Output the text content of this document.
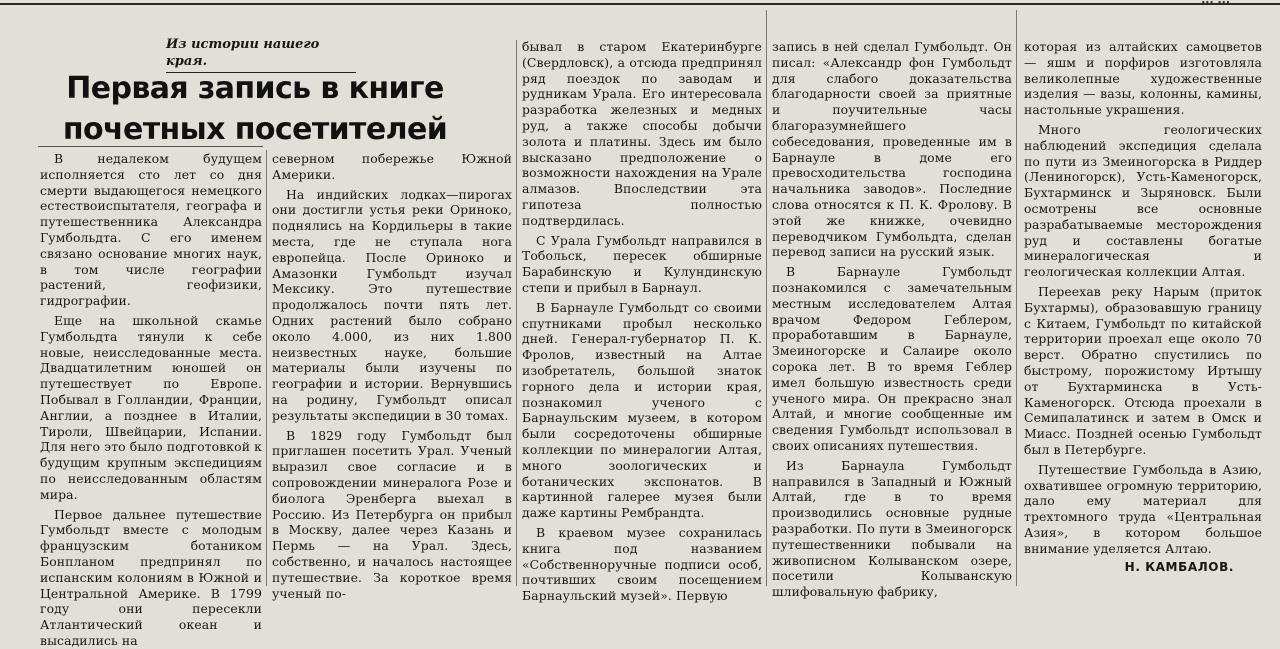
Из истории нашего края.
Первая запись в книге
почетных посетителей

В недалеком будущем исполняется сто лет со дня смерти выдающегося немецкого естествоиспытателя, географа и путешественника Александра Гумбольдта. С его именем связано основание многих наук, в том числе географии растений, геофизики, гидрографии.

Еще на школьной скамье Гумбольдта тянули к себе новые, неисследованные места. Двадцатилетним юношей он путешествует по Европе. Побывал в Голландии, Франции, Англии, а позднее в Италии, Тироли, Швейцарии, Испании. Для него это было подготовкой к будущим крупным экспедициям по неисследованным областям мира.

Первое дальнее путешествие Гумбольдт вместе с молодым французским ботаником Бонпланом предпринял по испанским колониям в Южной и Центральной Америке. В 1799 году они пересекли Атлантический океан и высадились на

северном побережье Южной Америки.

На индийских лодках—пирогах они достигли устья реки Ориноко, поднялись на Кордильеры в такие места, где не ступала нога европейца. После Ориноко и Амазонки Гумбольдт изучал Мексику. Это путешествие продолжалось почти пять лет. Одних растений было собрано около 4.000, из них 1.800 неизвестных науке, большие материалы были изучены по географии и истории. Вернувшись на родину, Гумбольдт описал результаты экспедиции в 30 томах.

В 1829 году Гумбольдт был приглашен посетить Урал. Ученый выразил свое согласие и в сопровождении минералога Розе и биолога Эренберга выехал в Россию. Из Петербурга он прибыл в Москву, далее через Казань и Пермь — на Урал. Здесь, собственно, и началось настоящее путешествие. За короткое время ученый по-

бывал в старом Екатеринбурге (Свердловск), а отсюда предпринял ряд поездок по заводам и рудникам Урала. Его интересовала разработка железных и медных руд, а также способы добычи золота и платины. Здесь им было высказано предположение о возможности нахождения на Урале алмазов. Впоследствии эта гипотеза полностью подтвердилась.

С Урала Гумбольдт направился в Тобольск, пересек обширные Барабинскую и Кулундинскую степи и прибыл в Барнаул.

В Барнауле Гумбольдт со своими спутниками пробыл несколько дней. Генерал-губернатор П. К. Фролов, известный на Алтае изобретатель, большой знаток горного дела и истории края, познакомил ученого с Барнаульским музеем, в котором были сосредоточены обширные коллекции по минералогии Алтая, много зоологических и ботанических экспонатов. В картинной галерее музея были даже картины Рембрандта.

В краевом музее сохранилась книга под названием «Собственноручные подписи особ, почтивших своим посещением Барнаульский музей». Первую

запись в ней сделал Гумбольдт. Он писал: «Александр фон Гумбольдт для слабого доказательства благодарности своей за приятные и поучительные часы благоразумнейшего собеседования, проведенные им в Барнауле в доме его превосходительства господина начальника заводов». Последние слова относятся к П. К. Фролову. В этой же книжке, очевидно переводчиком Гумбольдта, сделан перевод записи на русский язык.

В Барнауле Гумбольдт познакомился с замечательным местным исследователем Алтая врачом Федором Геблером, проработавшим в Барнауле, Змеиногорске и Салаире около сорока лет. В то время Геблер имел большую известность среди ученого мира. Он прекрасно знал Алтай, и многие сообщенные им сведения Гумбольдт использовал в своих описаниях путешествия.

Из Барнаула Гумбольдт направился в Западный и Южный Алтай, где в то время производились основные рудные разработки. По пути в Змеиногорск путешественники побывали на живописном Колыванском озере, посетили Колыванскую шлифовальную фабрику,

которая из алтайских самоцветов — яшм и порфиров изготовляла великолепные художественные изделия — вазы, колонны, камины, настольные украшения.

Много геологических наблюдений экспедиция сделала по пути из Змеиногорска в Риддер (Лениногорск), Усть-Каменогорск, Бухтарминск и Зыряновск. Были осмотрены все основные разрабатываемые месторождения руд и составлены богатые минералогическая и геологическая коллекции Алтая.

Переехав реку Нарым (приток Бухтармы), образовавшую границу с Китаем, Гумбольдт по китайской территории проехал еще около 70 верст. Обратно спустились по быстрому, порожистому Иртышу от Бухтарминска в Усть-Каменогорск. Отсюда проехали в Семипалатинск и затем в Омск и Миасс. Поздней осенью Гумбольдт был в Петербурге.

Путешествие Гумбольда в Азию, охватившее огромную территорию, дало ему материал для трехтомного труда «Центральная Азия», в котором большое внимание уделяется Алтаю.

Н. КАМБАЛОВ.
